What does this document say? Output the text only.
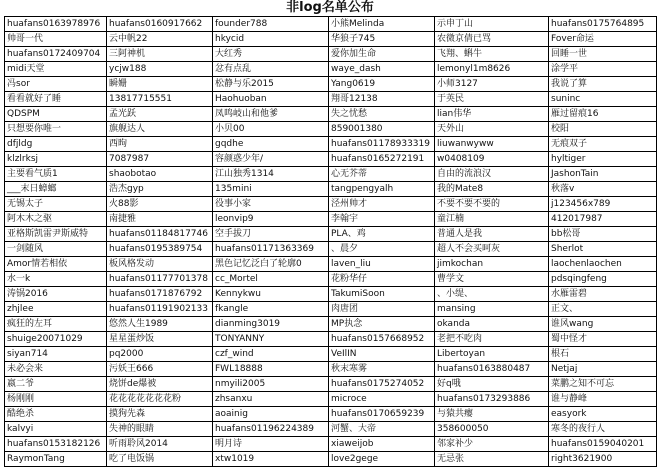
非log名单公布
huafans0163978976	huafans0160917662	founder788	小熊Melinda	示申丁山	huafans0175764895
帅哥一代	云中帆22	hkycid	华狼子745	农微京倩已骂	Fover命运
huafans0172409704	三阿神机	大红秀	爱你加生命	飞翔、蝌牛	回睡一世
midi天堂	ycjw188	忿有点乱	waye_dash	lemonyl1m8626	涂学平
冯sor	瞬姗	松静与乐2015	Yang0619	小师3127	我说了算
看看就好了睡	13817715551	Haohuoban	翔哥12138	于英民	suninc
QDSPM	孟光跃	凤鸣岐山和他爹	失之忧愁	lian伟华	雁过留痕16
只想要你唯一	旗舰达人	小贝00	859001380	天外山	校阳
dfjldg	西昫	gqdhe	huafans01178933319	liuwanwyww	无痕双子
klzlrksj	7087987	容颜惑少年/	huafans0165272191	w0408109	hyltiger
主要看气质1	shaobotao	江山独秀1314	心无芥蒂	自由的流浪汉	JashonTain
___末日蟑螂	浩杰gyp	135mini	tangpengyalh	我的Mate8	秋落v
无锡太子	火88影	役事小家	泾州帅才	不要不要不要的	j123456x789
阿木木之驱	南捷雅	leonvip9	李翰宇	童江楠	412017987
亚格斯凯雷尹斯威特	huafans01184817746	空手拔刀	PLA、鸡	普通人是我	bb松哥
一剑随风	huafans0195389754	huafans01171363369	、晨夕	超人不会买呵灰	Sherlot
Amor情若相依	板风格发动	黑色记忆泛白了轮廓0	laven_liu	jimkochan	laochenlaochen
水一k	huafans01177701378	cc_Mortel	花粉华仔	曹学文	pdsqingfeng
涛锅2016	huafans0171876792	Kennykwu	TakumiSoon	、小缇、	水雁雷碧
zhjlee	huafans01191902133	fkangle	肉唐团	mansing	正文、
疯狂的左耳	悠然人生1989	dianming3019	MP执念	okanda	谁风wang
shuige20071029	星星蛋炒饭	TONYANNY	huafans0157668952	老把不吃肉	蜀中怪才
siyan714	pq2000	czf_wind	VeIlIN	Libertoyan	根石
未必会来	污妖王666	FWL18888	秋末寒雾	huafans0163880487	Netjaj
嬴二爷	烧饼de爆被	nmyili2005	huafans0175274052	好q哦	菜鹏之知不可忘
杨刚刚	花花花花花花花粉	zhsanxu	microce	huafans0173293886	谁与静峰
酷绝杀	摸狗先森	aoainig	huafans0170659239	与猿共瘿	easyork
kalvyi	失神的眼睛	huafans01196224389	河蟹、大帝	358600050	寒冬的夜行人
huafans0153182126	听雨聆风2014	明月诗	xiaweijob	邻家补少	huafans0159040201
RaymonTang	吃了电饭锅	xtw1019	love2gege	无忌张	right3621900
